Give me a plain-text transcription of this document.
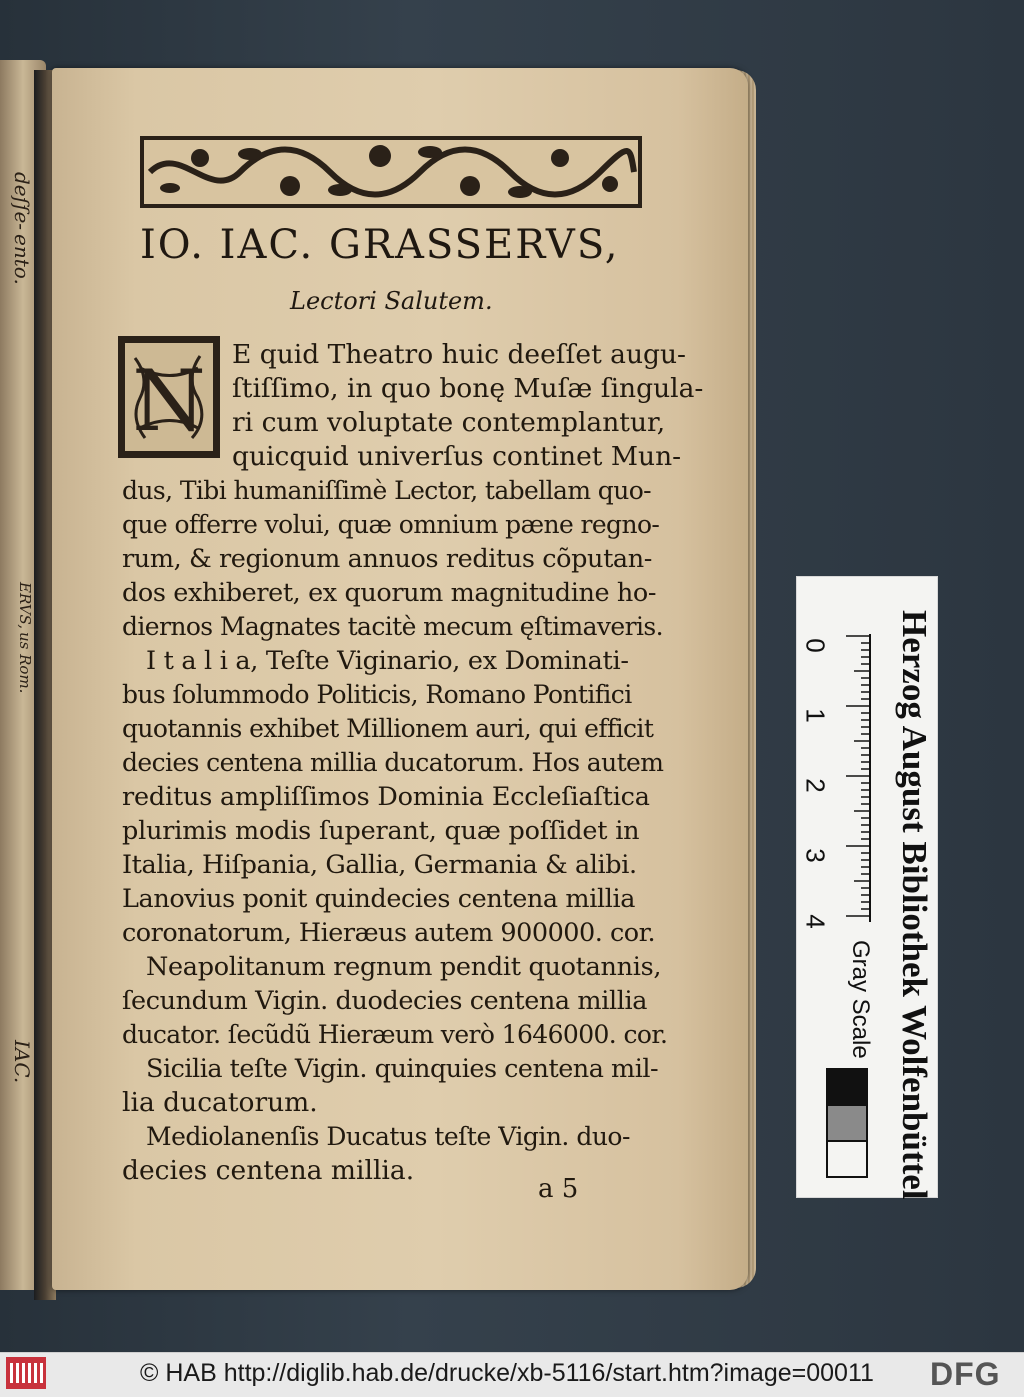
deſſe-
ento.
ERVS,
us Rom.
IAC.
IO. IAC. GRASSERVS,
Lectori Salutem.
N E quid Theatro huic deeſſet augu-
ſtiſſimo, in quo bonę Muſæ ſingula-
ri cum voluptate contemplantur,
quicquid univerſus continet Mun-
dus, Tibi humaniſſimè Lector, tabellam quo-
que offerre volui, quæ omnium pæne regno-
rum, & regionum annuos reditus cõputan-
dos exhiberet, ex quorum magnitudine ho-
diernos Magnates tacitè mecum ęſtimaveris.
I t a l i a, Teſte Viginario, ex Dominati-
bus ſolummodo Politicis, Romano Pontifici
quotannis exhibet Millionem auri, qui efficit
decies centena millia ducatorum. Hos autem
reditus ampliſſimos Dominia Eccleſiaſtica
plurimis modis ſuperant, quæ poſſidet in
Italia, Hiſpania, Gallia, Germania & alibi.
Lanovius ponit quindecies centena millia
coronatorum, Hieræus autem 900000. cor.
Neapolitanum regnum pendit quotannis,
ſecundum Vigin. duodecies centena millia
ducator. ſecũdũ Hieræum verò 1646000. cor.
Sicilia teſte Vigin. quinquies centena mil-
lia ducatorum.
Mediolanenſis Ducatus teſte Vigin. duo-
decies centena millia.
a 5	Herzog August Bibliothek Wolfenbüttel
0
1
2
3
4
Gray Scale
© HAB http://diglib.hab.de/drucke/xb-5116/start.htm?image=00011 DFG
